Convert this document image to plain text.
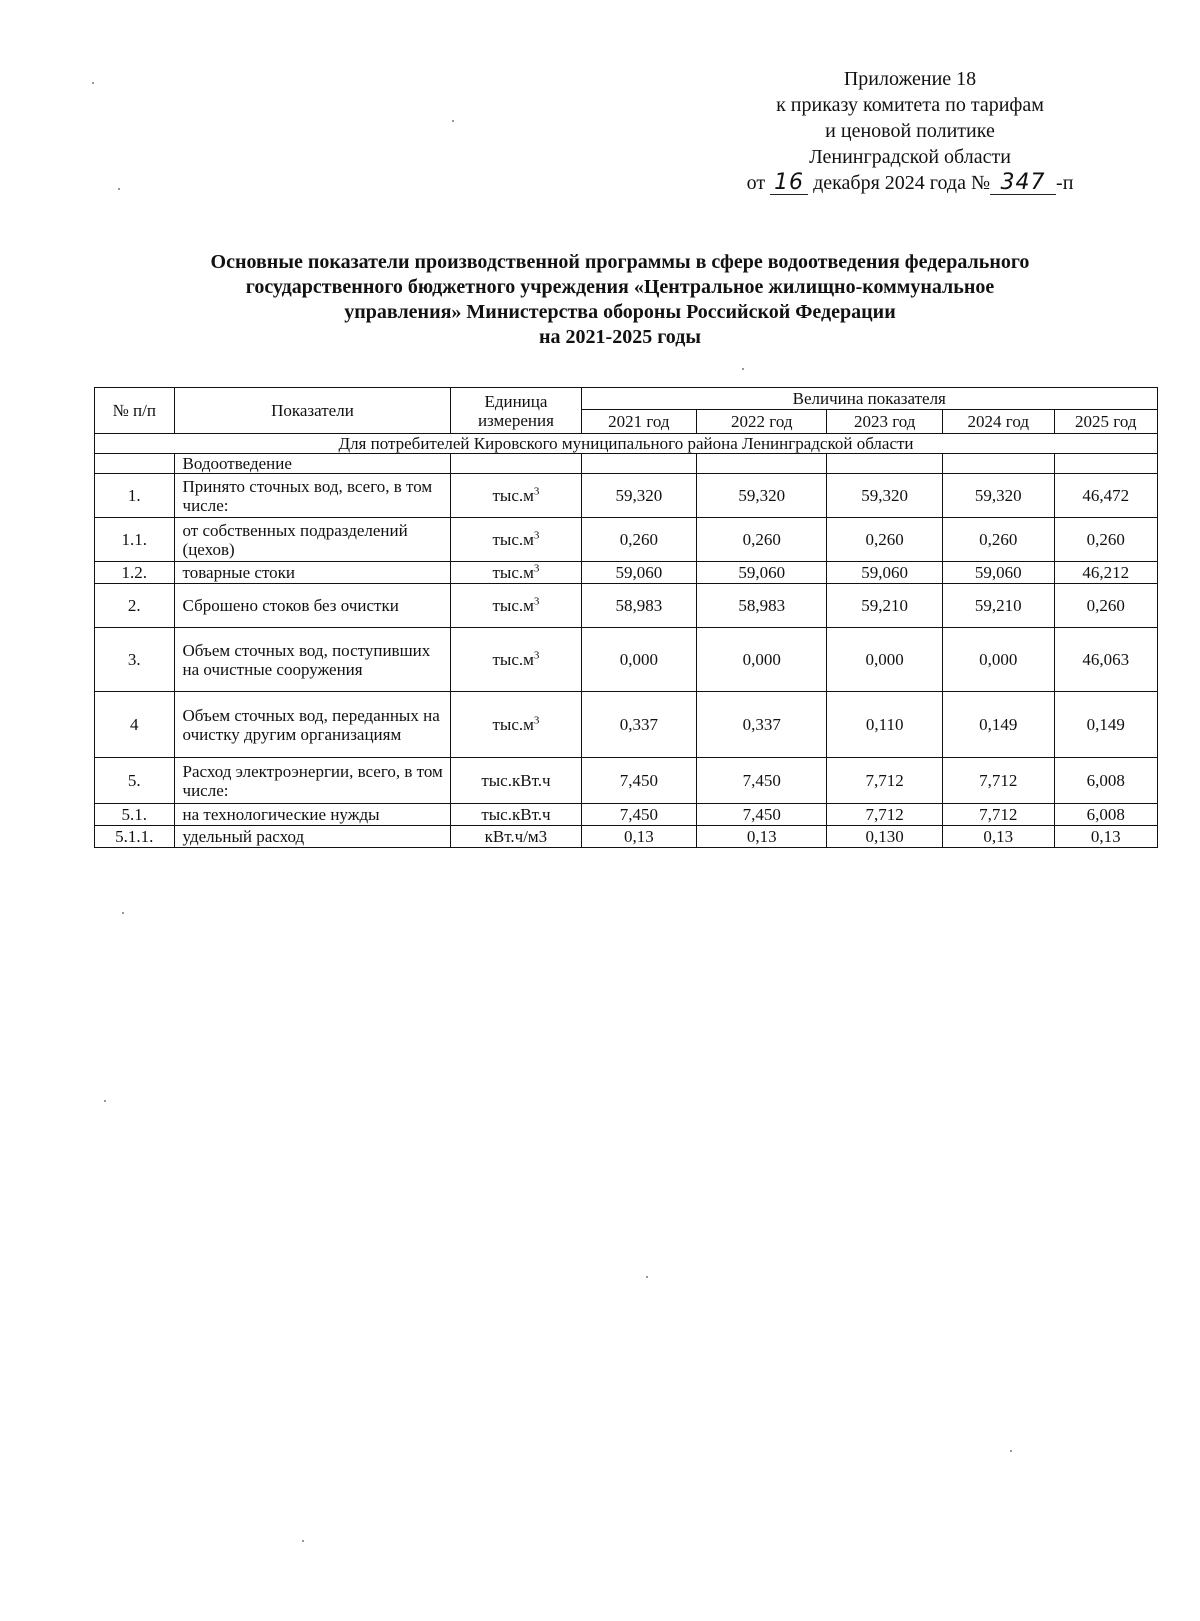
Приложение 18
к приказу комитета по тарифам
и ценовой политике
Ленинградской области
от 16 декабря 2024 года № 347 -п
Основные показатели производственной программы в сфере водоотведения федерального
государственного бюджетного учреждения «Центральное жилищно-коммунальное
управления» Министерства обороны Российской Федерации
на 2021-2025 годы
№ п/п	Показатели	Единица измерения	Величина показателя				
			2021 год	2022 год	2023 год	2024 год	2025 год
Для потребителей Кировского муниципального района Ленинградской области							
	Водоотведение						
1.	Принято сточных вод, всего, в том числе:	$тыс.м^3$	59,320	59,320	59,320	59,320	46,472
1.1.	от собственных подразделений (цехов)	$тыс.м^3$	0,260	0,260	0,260	0,260	0,260
1.2.	товарные стоки	$тыс.м^3$	59,060	59,060	59,060	59,060	46,212
2.	Сброшено стоков без очистки	$тыс.м^3$	58,983	58,983	59,210	59,210	0,260
3.	Объем сточных вод, поступивших на очистные сооружения	$тыс.м^3$	0,000	0,000	0,000	0,000	46,063
4	Объем сточных вод, переданных на очистку другим организациям	$тыс.м^3$	0,337	0,337	0,110	0,149	0,149
5.	Расход электроэнергии, всего, в том числе:	тыс.кВт.ч	7,450	7,450	7,712	7,712	6,008
5.1.	на технологические нужды	тыс.кВт.ч	7,450	7,450	7,712	7,712	6,008
5.1.1.	удельный расход	кВт.ч/м3	0,13	0,13	0,130	0,13	0,13
